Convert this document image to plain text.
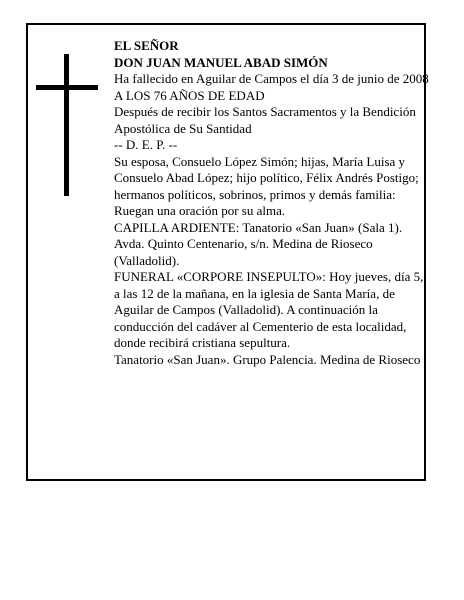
EL SEÑOR

DON JUAN MANUEL ABAD SIMÓN

Ha fallecido en Aguilar de Campos el día 3 de junio de 2008

A LOS 76 AÑOS DE EDAD

Después de recibir los Santos Sacramentos y la Bendición Apostólica de Su Santidad

-- D. E. P. --

Su esposa, Consuelo López Simón; hijas, María Luisa y Consuelo Abad López; hijo político, Félix Andrés Postigo; hermanos políticos, sobrinos, primos y demás familia:

Ruegan una oración por su alma.

CAPILLA ARDIENTE: Tanatorio «San Juan» (Sala 1). Avda. Quinto Centenario, s/n. Medina de Rioseco (Valladolid).

FUNERAL «CORPORE INSEPULTO»: Hoy jueves, día 5, a las 12 de la mañana, en la iglesia de Santa María, de Aguilar de Campos (Valladolid). A continuación la conducción del cadáver al Cementerio de esta localidad, donde recibirá cristiana sepultura.

Tanatorio «San Juan». Grupo Palencia. Medina de Rioseco
